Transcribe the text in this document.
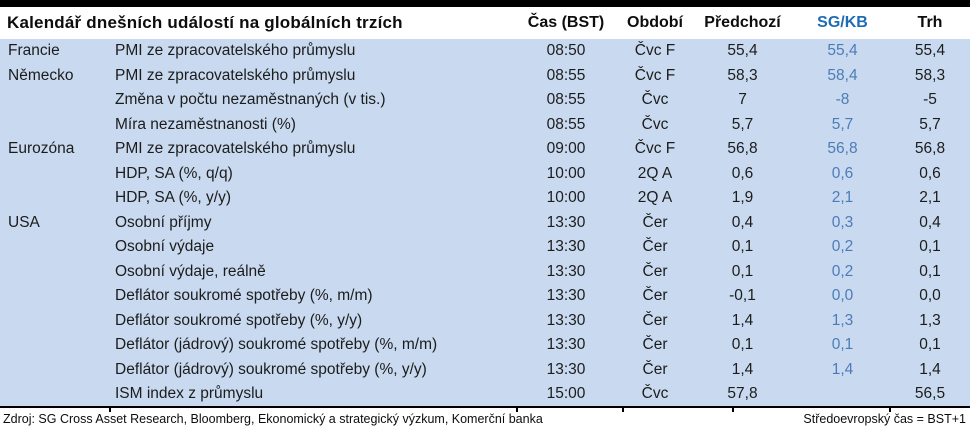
Kalendář dnešních událostí na globálních trzích		Čas (BST)	Období	Předchozí	SG/KB	Trh
Francie	PMI ze zpracovatelského průmyslu	08:50	Čvc F	55,4	55,4	55,4
Německo	PMI ze zpracovatelského průmyslu	08:55	Čvc F	58,3	58,4	58,3
	Změna v počtu nezaměstnaných (v tis.)	08:55	Čvc	7	-8	-5
	Míra nezaměstnanosti (%)	08:55	Čvc	5,7	5,7	5,7
Eurozóna	PMI ze zpracovatelského průmyslu	09:00	Čvc F	56,8	56,8	56,8
	HDP, SA (%, q/q)	10:00	2Q A	0,6	0,6	0,6
	HDP, SA (%, y/y)	10:00	2Q A	1,9	2,1	2,1
USA	Osobní příjmy	13:30	Čer	0,4	0,3	0,4
	Osobní výdaje	13:30	Čer	0,1	0,2	0,1
	Osobní výdaje, reálně	13:30	Čer	0,1	0,2	0,1
	Deflátor soukromé spotřeby (%, m/m)	13:30	Čer	-0,1	0,0	0,0
	Deflátor soukromé spotřeby (%, y/y)	13:30	Čer	1,4	1,3	1,3
	Deflátor (jádrový) soukromé spotřeby (%, m/m)	13:30	Čer	0,1	0,1	0,1
	Deflátor (jádrový) soukromé spotřeby (%, y/y)	13:30	Čer	1,4	1,4	1,4
	ISM index z průmyslu	15:00	Čvc	57,8		56,5
Zdroj: SG Cross Asset Research, Bloomberg, Ekonomický a strategický výzkum, Komerční banka	Středoevropský čas = BST+1
